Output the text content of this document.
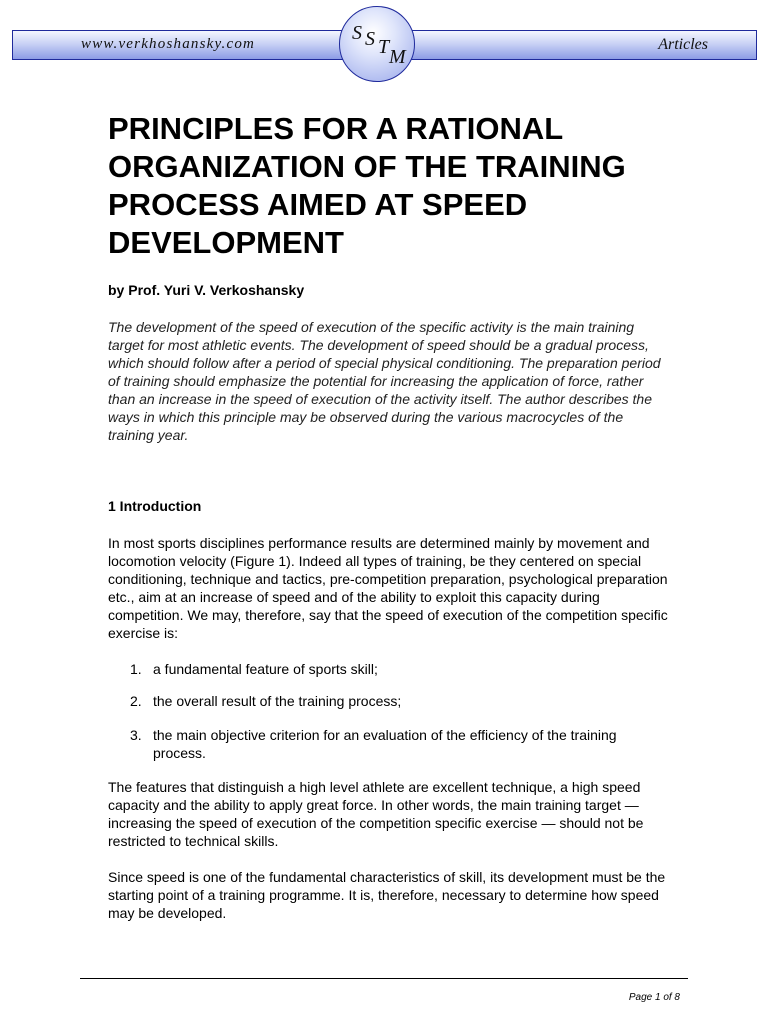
www.verkhoshansky.com	Articles
S S T M
PRINCIPLES FOR A RATIONAL ORGANIZATION OF THE TRAINING PROCESS AIMED AT SPEED DEVELOPMENT

by Prof. Yuri V. Verkoshansky

The development of the speed of execution of the specific activity is the main training target for most athletic events. The development of speed should be a gradual process, which should follow after a period of special physical conditioning. The preparation period of training should emphasize the potential for increasing the application of force, rather than an increase in the speed of execution of the activity itself. The author describes the ways in which this principle may be observed during the various macrocycles of the training year.

1 Introduction

In most sports disciplines performance results are determined mainly by movement and locomotion velocity (Figure 1). Indeed all types of training, be they centered on special conditioning, technique and tactics, pre-competition preparation, psychological preparation etc., aim at an increase of speed and of the ability to exploit this capacity during competition. We may, therefore, say that the speed of execution of the competition specific exercise is:

1. a fundamental feature of sports skill;
2. the overall result of the training process;
3. the main objective criterion for an evaluation of the efficiency of the training process.

The features that distinguish a high level athlete are excellent technique, a high speed capacity and the ability to apply great force. In other words, the main training target — increasing the speed of execution of the competition specific exercise — should not be restricted to technical skills.

Since speed is one of the fundamental characteristics of skill, its development must be the starting point of a training programme. It is, therefore, necessary to determine how speed may be developed.

Page 1 of 8
